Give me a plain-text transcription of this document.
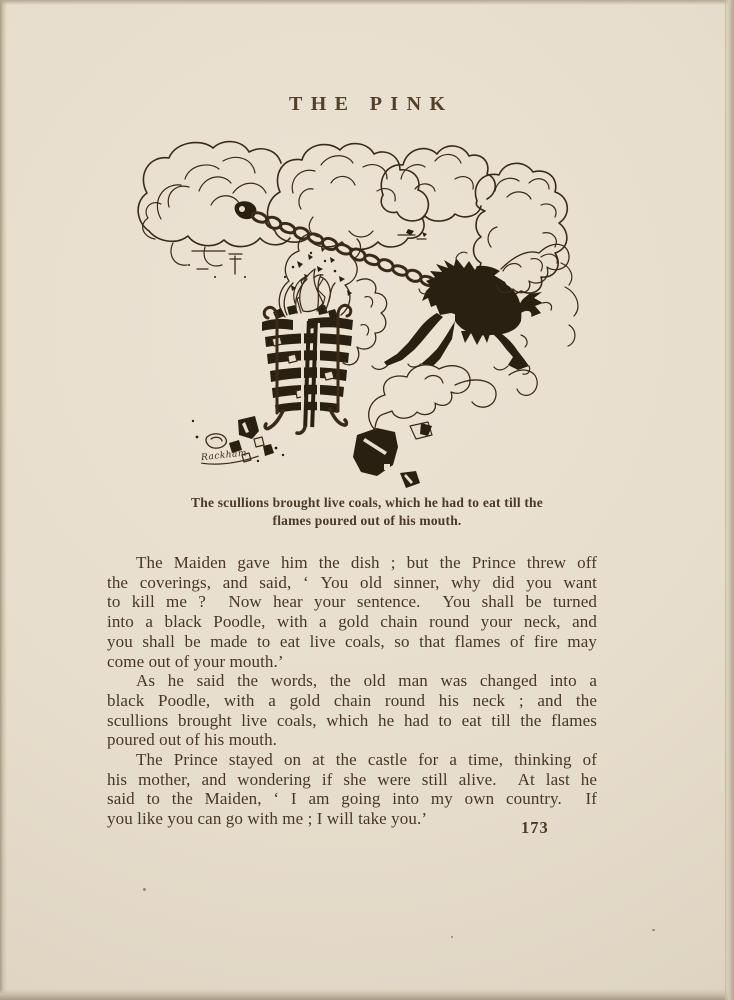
THE PINK
Rackham
The scullions brought live coals, which he had to eat till the
flames poured out of his mouth.
The Maiden gave him the dish ; but the Prince threw off
the coverings, and said, ‘ You old sinner, why did you want
to kill me ?  Now hear your sentence.  You shall be turned
into a black Poodle, with a gold chain round your neck, and
you shall be made to eat live coals, so that flames of fire may
come out of your mouth.’
As he said the words, the old man was changed into a
black Poodle, with a gold chain round his neck ; and the
scullions brought live coals, which he had to eat till the flames
poured out of his mouth.
The Prince stayed on at the castle for a time, thinking of
his mother, and wondering if she were still alive.  At last he
said to the Maiden, ‘ I am going into my own country.  If
you like you can go with me ; I will take you.’	173
